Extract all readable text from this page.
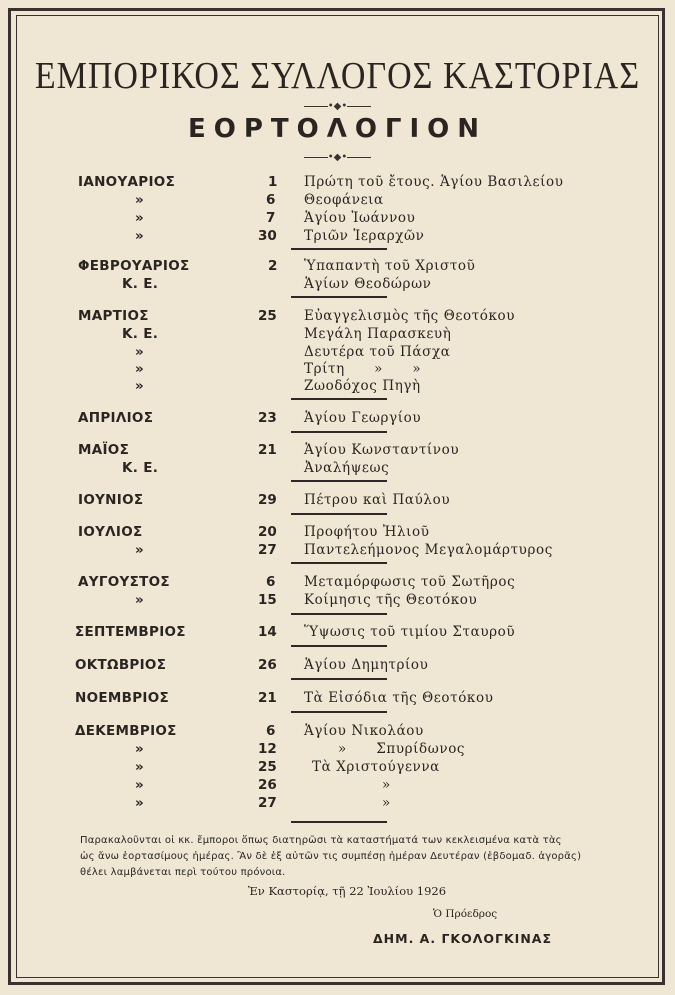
ΕΜΠΟΡΙΚΟΣ ΣΥΛΛΟΓΟΣ ΚΑΣΤΟΡΙΑΣ
•◆•
ΕΟΡΤΟΛΟΓΙΟΝ
•◆•
ΙΑΝΟΥΑΡΙΟΣ	1 Πρώτη τοῦ ἔτους. Ἁγίου Βασιλείου
»	6 Θεοφάνεια
»	7 Ἁγίου Ἰωάννου
»	30 Τριῶν Ἱεραρχῶν
ΦΕΒΡΟΥΑΡΙΟΣ	2 Ὑπαπαντὴ τοῦ Χριστοῦ
Κ. Ε.	Ἁγίων Θεοδώρων
ΜΑΡΤΙΟΣ	25 Εὐαγγελισμὸς τῆς Θεοτόκου
Κ. Ε.	Μεγάλη Παρασκευὴ
»	Δευτέρα τοῦ Πάσχα
»	Τρίτη      »      »
»	Ζωοδόχος Πηγὴ
ΑΠΡΙΛΙΟΣ	23 Ἁγίου Γεωργίου
ΜΑΪΟΣ	21 Ἁγίου Κωνσταντίνου
Κ. Ε.	Ἀναλήψεως
ΙΟΥΝΙΟΣ	29 Πέτρου καὶ Παύλου
ΙΟΥΛΙΟΣ	20 Προφήτου Ἠλιοῦ
»	27 Παντελεήμονος Μεγαλομάρτυρος
ΑΥΓΟΥΣΤΟΣ	6 Μεταμόρφωσις τοῦ Σωτῆρος
»	15 Κοίμησις τῆς Θεοτόκου
ΣΕΠΤΕΜΒΡΙΟΣ	14 Ὕψωσις τοῦ τιμίου Σταυροῦ
ΟΚΤΩΒΡΙΟΣ	26 Ἁγίου Δημητρίου
ΝΟΕΜΒΡΙΟΣ	21 Τὰ Εἰσόδια τῆς Θεοτόκου
ΔΕΚΕΜΒΡΙΟΣ	6 Ἁγίου Νικολάου
»	12	»      Σπυρίδωνος
»	25	Τὰ Χριστούγεννα
»	26	»
»	27	»
Παρακαλοῦνται οἱ κκ. ἔμποροι ὅπως διατηρῶσι τὰ καταστήματά των κεκλεισμένα κατὰ τὰς
ὡς ἄνω ἑορτασίμους ἡμέρας. Ἂν δὲ ἐξ αὐτῶν τις συμπέσῃ ἡμέραν Δευτέραν (ἑβδομαδ. ἀγορᾶς)
θέλει λαμβάνεται περὶ τούτου πρόνοια.
Ἐν Καστορίᾳ, τῇ 22 Ἰουλίου 1926
Ὁ Πρόεδρος
ΔΗΜ. Α. ΓΚΟΛΟΓΚΙΝΑΣ
